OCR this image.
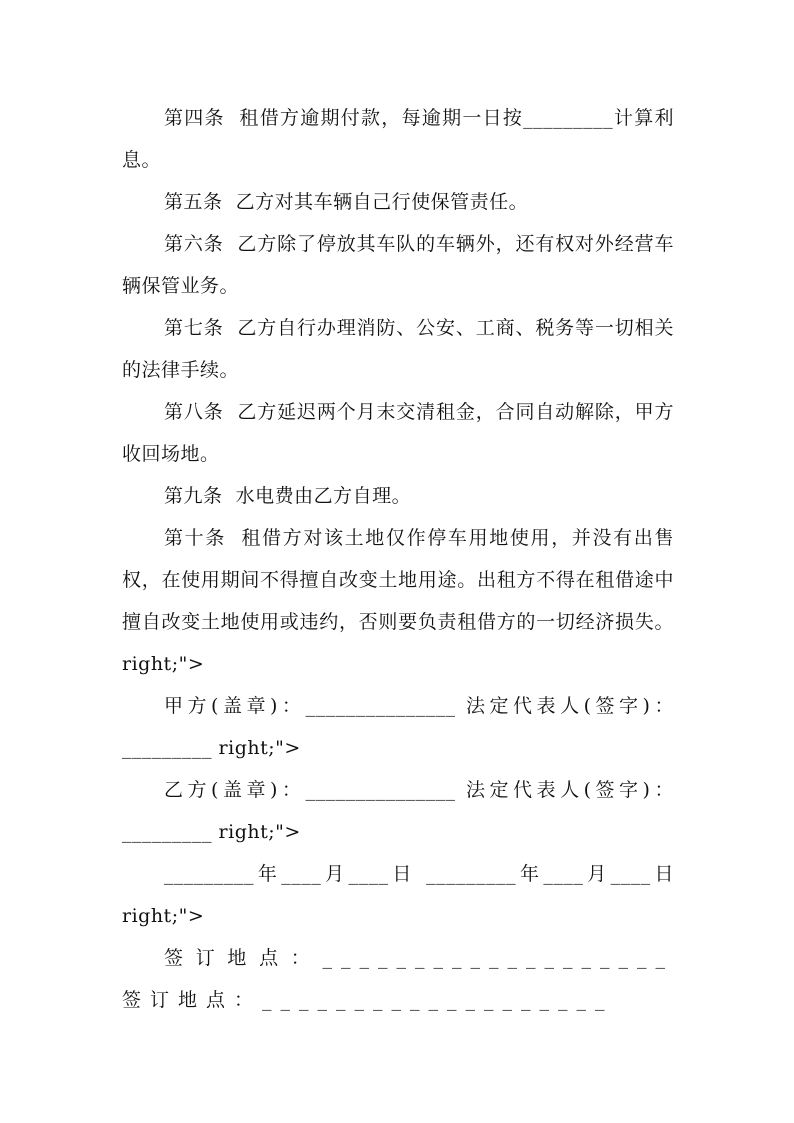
第四条  租借方逾期付款，每逾期一日按_________计算利息。

第五条  乙方对其车辆自己行使保管责任。

第六条  乙方除了停放其车队的车辆外，还有权对外经营车辆保管业务。

第七条  乙方自行办理消防、公安、工商、税务等一切相关的法律手续。

第八条  乙方延迟两个月末交清租金，合同自动解除，甲方收回场地。

第九条  水电费由乙方自理。

第十条  租借方对该土地仅作停车用地使用，并没有出售权，在使用期间不得擅自改变土地用途。出租方不得在租借途中擅自改变土地使用或违约，否则要负责租借方的一切经济损失。 right;">

甲方(盖章)：_______________ 法定代表人(签字)：_________ right;">

乙方(盖章)：_______________ 法定代表人(签字)：_________ right;">

_________年____月____日 _________年____月____日 right;">

签订地点：___________________ 签订地点：___________________
